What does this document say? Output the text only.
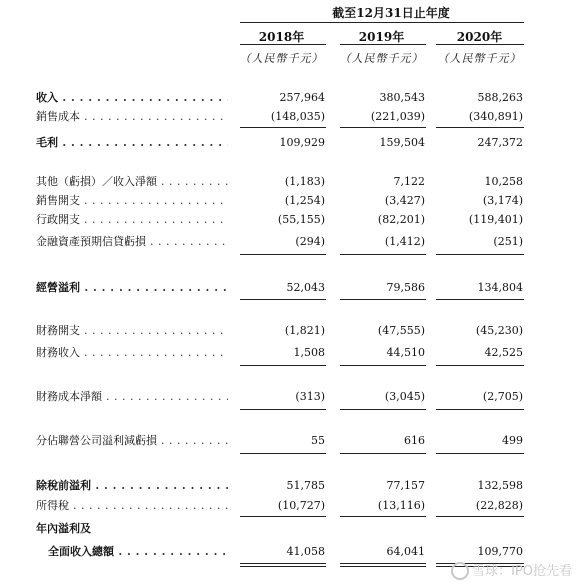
截至12月31日止年度
2018年	2019年	2020年
（人民幣千元）	（人民幣千元）	（人民幣千元）
收入 . . .	257,964	380,543	588,263
銷售成本 . . .	(148,035)	(221,039)	(340,891)
毛利 . . .	109,929	159,504	247,372
其他（虧損）／收入淨額 . . .	(1,183)	7,122	10,258
銷售開支 . . .	(1,254)	(3,427)	(3,174)
行政開支 . . .	(55,155)	(82,201)	(119,401)
金融資產預期信貸虧損 . . .	(294)	(1,412)	(251)
經營溢利 . . .	52,043	79,586	134,804
財務開支 . . .	(1,821)	(47,555)	(45,230)
財務收入 . . .	1,508	44,510	42,525
財務成本淨額 . . .	(313)	(3,045)	(2,705)
分佔聯營公司溢利減虧損 . . .	55	616	499
除稅前溢利 . . .	51,785	77,157	132,598
所得稅 . . .	(10,727)	(13,116)	(22,828)
年內溢利及
全面收入總額 . . .	41,058	64,041	109,770
雪球：IPO抢先看
